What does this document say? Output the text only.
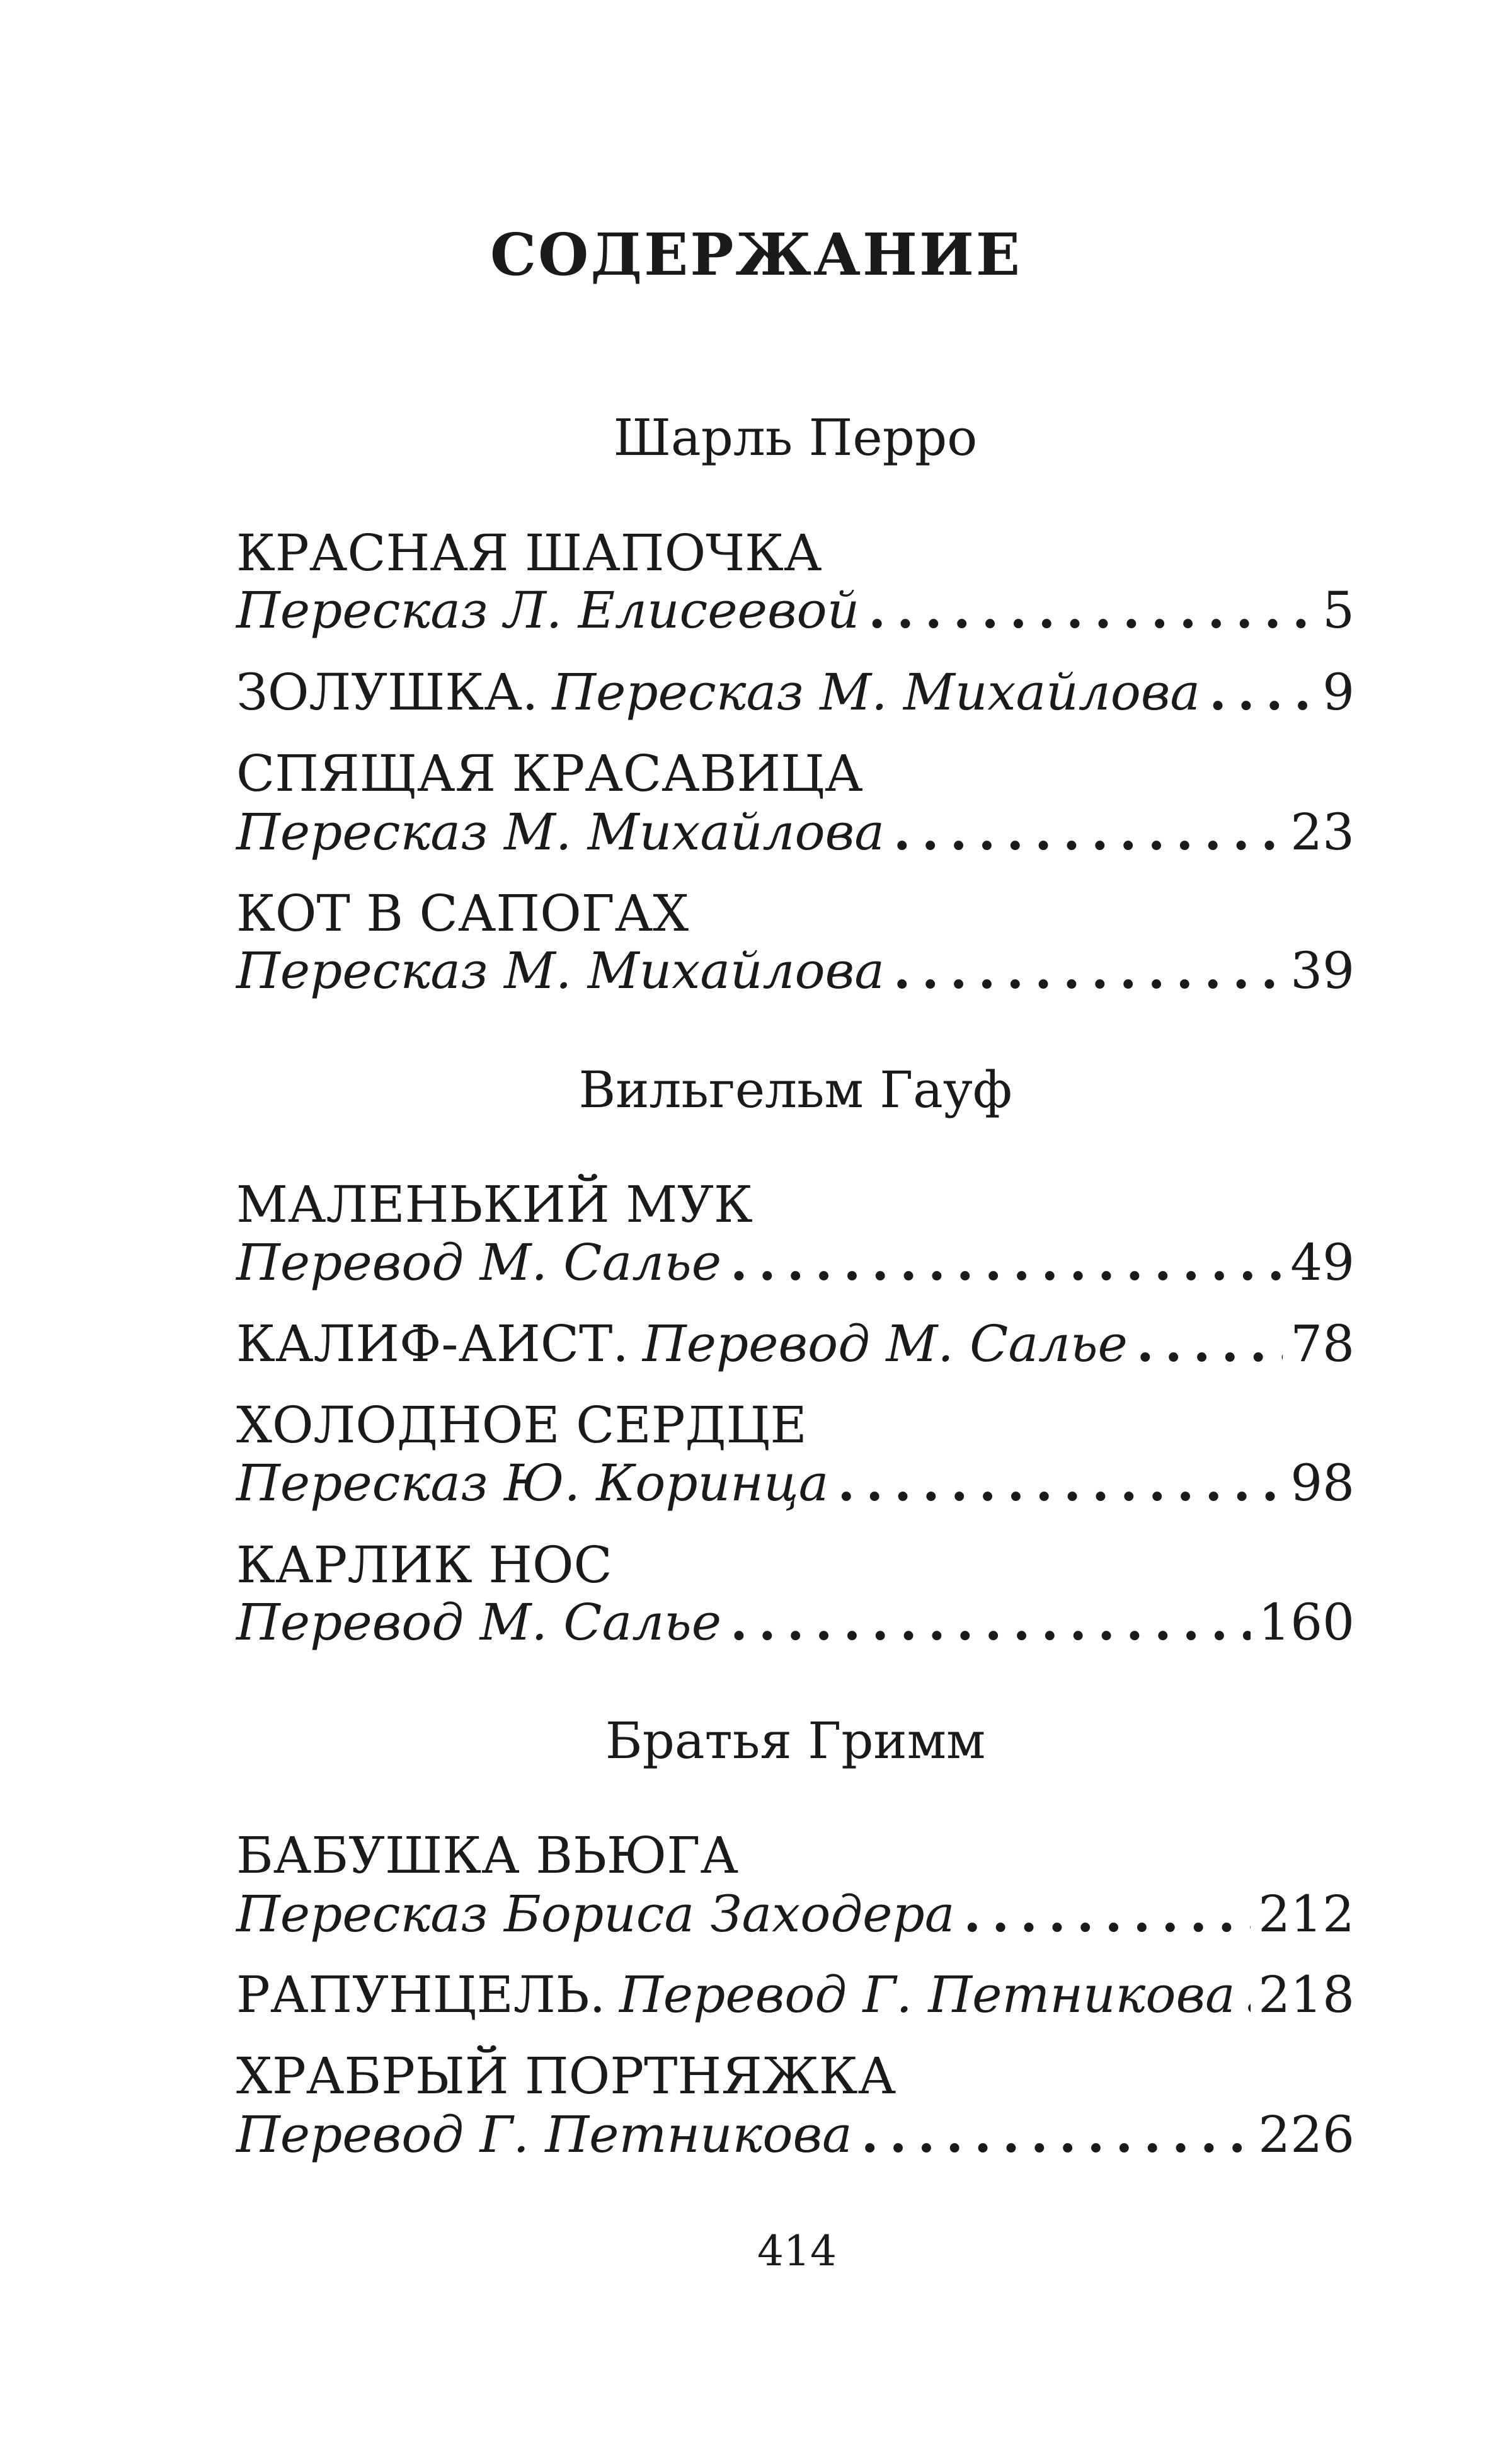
СОДЕРЖАНИЕ
Шарль Перро
КРАСНАЯ ШАПОЧКА
Пересказ Л. Елисеевой .....	5
ЗОЛУШКА. Пересказ М. Михайлова ..... 9
СПЯЩАЯ КРАСАВИЦА
Пересказ М. Михайлова .....	23
КОТ В САПОГАХ
Пересказ М. Михайлова .....	39
Вильгельм Гауф
МАЛЕНЬКИЙ МУК
Перевод М. Салье .....	49
КАЛИФ-АИСТ. Перевод М. Салье .....	78
ХОЛОДНОЕ СЕРДЦЕ
Пересказ Ю. Коринца .....	98
КАРЛИК НОС
Перевод М. Салье .....	160
Братья Гримм
БАБУШКА ВЬЮГА
Пересказ Бориса Заходера .....	212
РАПУНЦЕЛЬ. Перевод Г. Петникова ..... 218
ХРАБРЫЙ ПОРТНЯЖКА
Перевод Г. Петникова .....	226
414
